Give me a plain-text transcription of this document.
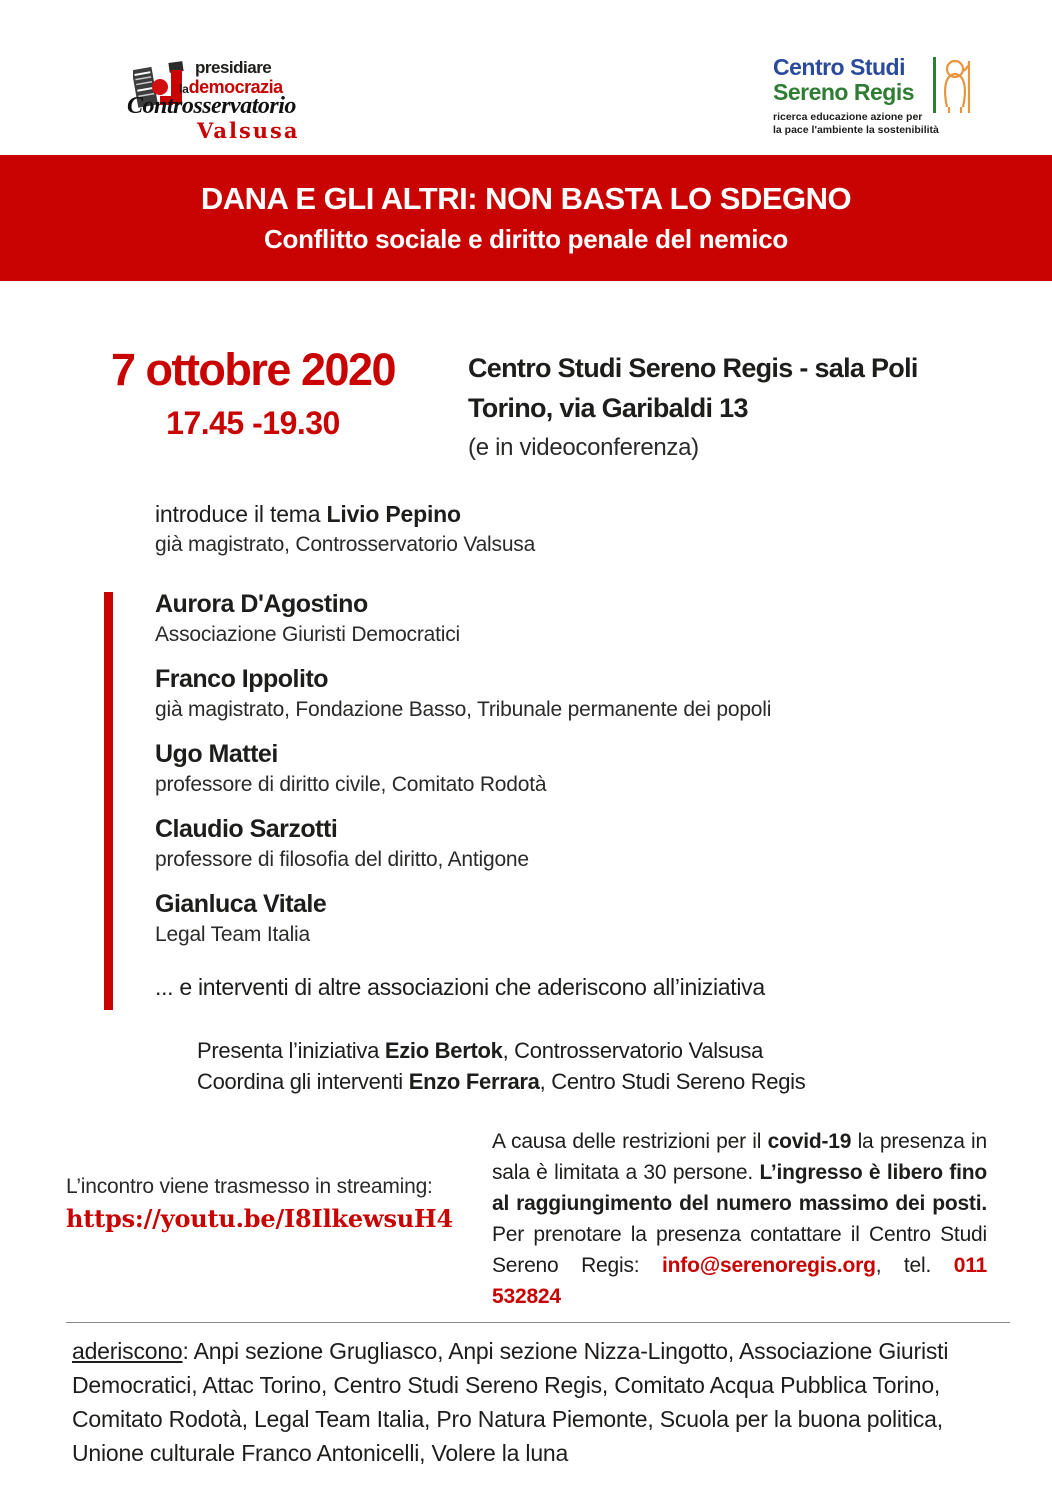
presidiare
lademocrazia
Controsservatorio
Valsusa
Centro Studi
Sereno Regis
ricerca educazione azione per
la pace l'ambiente la sostenibilità
DANA E GLI ALTRI: NON BASTA LO SDEGNO
Conflitto sociale e diritto penale del nemico
7 ottobre 2020
17.45 -19.30
Centro Studi Sereno Regis - sala Poli
Torino, via Garibaldi 13
(e in videoconferenza)
introduce il tema Livio Pepino
già magistrato, Controsservatorio Valsusa
Aurora D'Agostino
Associazione Giuristi Democratici
Franco Ippolito
già magistrato, Fondazione Basso, Tribunale permanente dei popoli
Ugo Mattei
professore di diritto civile, Comitato Rodotà
Claudio Sarzotti
professore di filosofia del diritto, Antigone
Gianluca Vitale
Legal Team Italia
... e interventi di altre associazioni che aderiscono all’iniziativa
Presenta l’iniziativa Ezio Bertok, Controsservatorio Valsusa
Coordina gli interventi Enzo Ferrara, Centro Studi Sereno Regis
L’incontro viene trasmesso in streaming:
https://youtu.be/I8IlkewsuH4
A causa delle restrizioni per il covid-19 la presenza in sala è limitata a 30 persone. L’ingresso è libero fino al raggiungimento del numero massimo dei posti. Per prenotare la presenza contattare il Centro Studi Sereno Regis: info@serenoregis.org, tel. 011 532824
aderiscono: Anpi sezione Grugliasco, Anpi sezione Nizza-Lingotto, Associazione Giuristi Democratici, Attac Torino, Centro Studi Sereno Regis, Comitato Acqua Pubblica Torino, Comitato Rodotà, Legal Team Italia, Pro Natura Piemonte, Scuola per la buona politica, Unione culturale Franco Antonicelli, Volere la luna
